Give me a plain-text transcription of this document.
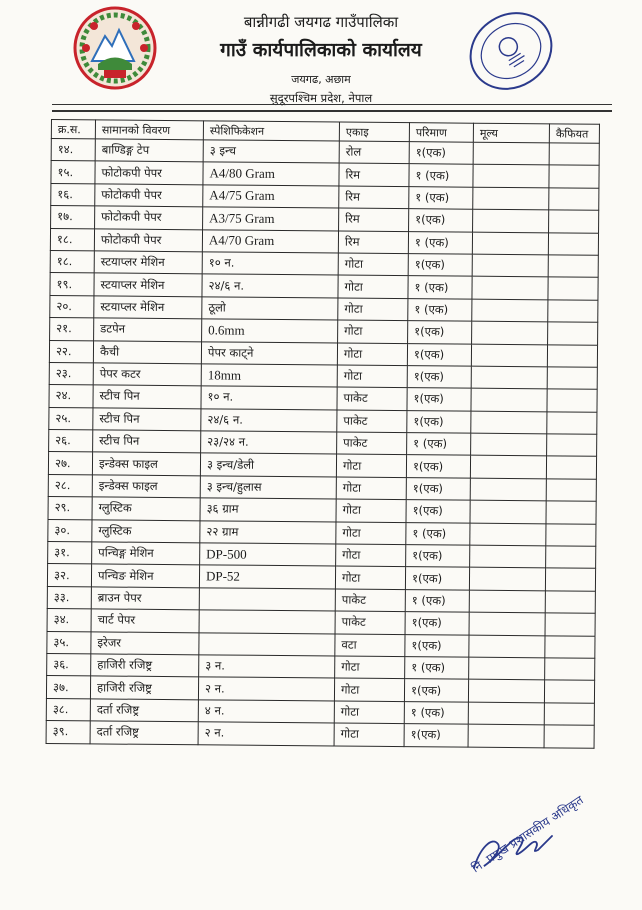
बान्नीगढी जयगढ गाउँपालिका
गाउँ कार्यपालिकाको कार्यालय
जयगढ, अछाम
सुदूरपश्चिम प्रदेश, नेपाल
क्र.स.	सामानको विवरण	स्पेशिफिकेशन	एकाइ	परिमाण	मूल्य	कैफियत
१४.	बाण्डिङ्ग टेप	३ इन्च	रोल	१(एक)		
१५.	फोटोकपी पेपर	A4/80 Gram	रिम	१ (एक)		
१६.	फोटोकपी पेपर	A4/75 Gram	रिम	१ (एक)		
१७.	फोटोकपी पेपर	A3/75 Gram	रिम	१(एक)		
१८.	फोटोकपी पेपर	A4/70 Gram	रिम	१ (एक)		
१८.	स्टयाप्लर मेशिन	१० न.	गोटा	१(एक)		
१९.	स्टयाप्लर मेशिन	२४/६ न.	गोटा	१ (एक)		
२०.	स्टयाप्लर मेशिन	ठूलो	गोटा	१ (एक)		
२१.	डटपेन	0.6mm	गोटा	१(एक)		
२२.	कैची	पेपर काट्ने	गोटा	१(एक)		
२३.	पेपर कटर	18mm	गोटा	१(एक)		
२४.	स्टीच पिन	१० न.	पाकेट	१(एक)		
२५.	स्टीच पिन	२४/६ न.	पाकेट	१(एक)		
२६.	स्टीच पिन	२३/२४ न.	पाकेट	१ (एक)		
२७.	इन्डेक्स फाइल	३ इन्च/डेली	गोटा	१(एक)		
२८.	इन्डेक्स फाइल	३ इन्च/हुलास	गोटा	१(एक)		
२९.	ग्लुस्टिक	३६ ग्राम	गोटा	१(एक)		
३०.	ग्लुस्टिक	२२ ग्राम	गोटा	१ (एक)		
३१.	पन्चिङ्ग मेशिन	DP-500	गोटा	१(एक)		
३२.	पन्चिङ मेशिन	DP-52	गोटा	१(एक)		
३३.	ब्राउन पेपर		पाकेट	१ (एक)		
३४.	चार्ट पेपर		पाकेट	१(एक)		
३५.	इरेजर		वटा	१(एक)		
३६.	हाजिरी रजिष्ट्र	३ न.	गोटा	१ (एक)		
३७.	हाजिरी रजिष्ट्र	२ न.	गोटा	१(एक)		
३८.	दर्ता रजिष्ट्र	४ न.	गोटा	१ (एक)		
३९.	दर्ता रजिष्ट्र	२ न.	गोटा	१(एक)		
नि. प्रमुख प्रशासकीय अधिकृत
